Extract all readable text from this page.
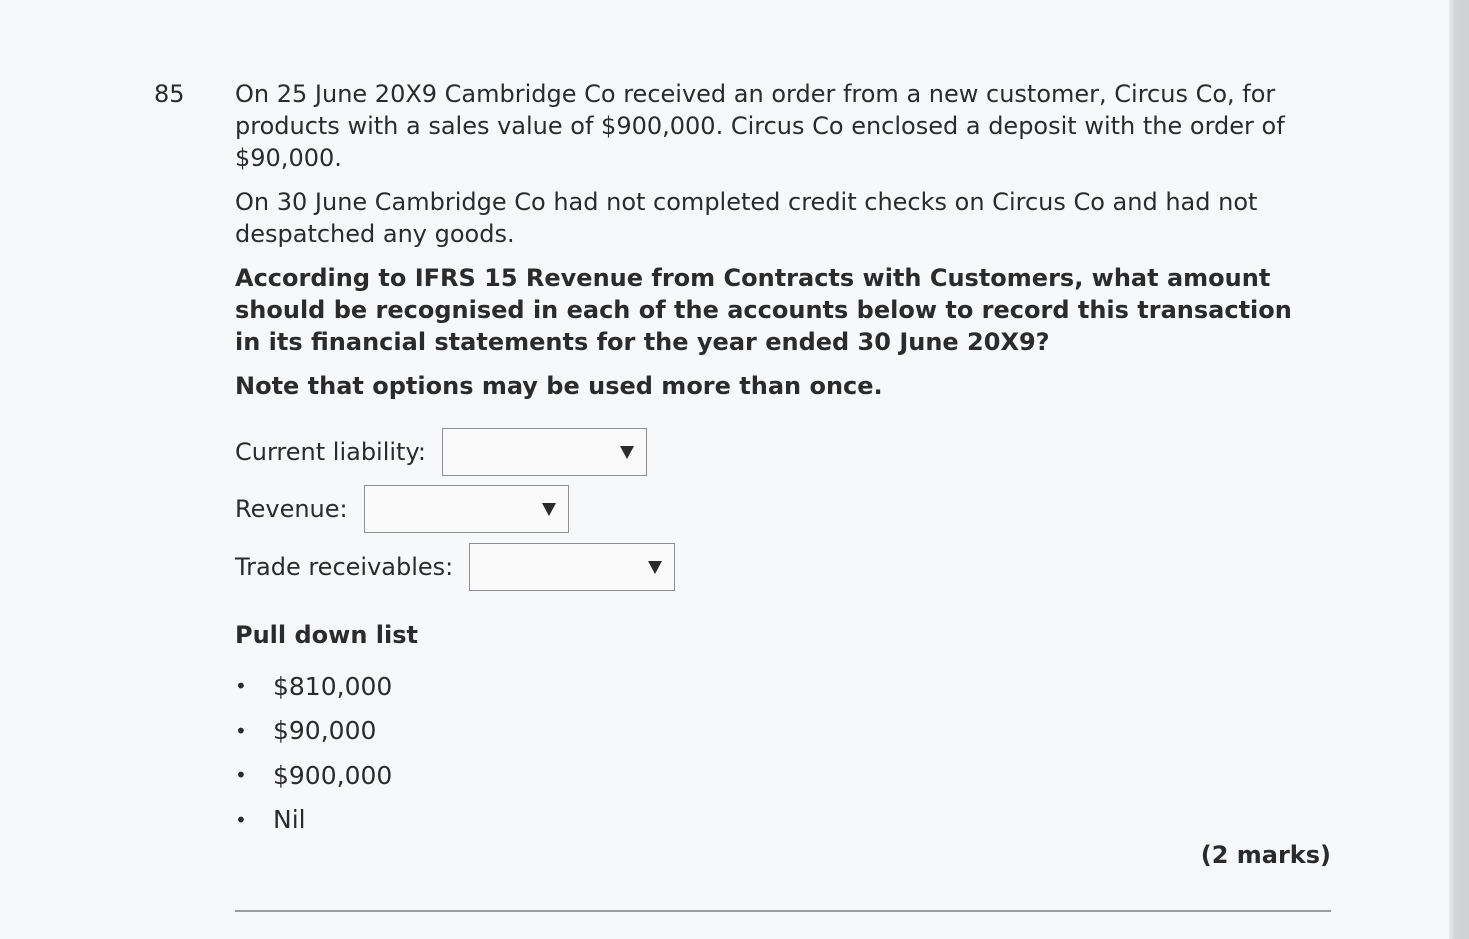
85 On 25 June 20X9 Cambridge Co received an order from a new customer, Circus Co, for products with a sales value of $900,000. Circus Co enclosed a deposit with the order of $90,000.

On 30 June Cambridge Co had not completed credit checks on Circus Co and had not despatched any goods.

According to IFRS 15 Revenue from Contracts with Customers, what amount should be recognised in each of the accounts below to record this transaction in its financial statements for the year ended 30 June 20X9?

Note that options may be used more than once.

Current liability:
Revenue:
Trade receivables:
Pull down list
•	$810,000
•	$90,000
•	$900,000
•	Nil
(2 marks)
